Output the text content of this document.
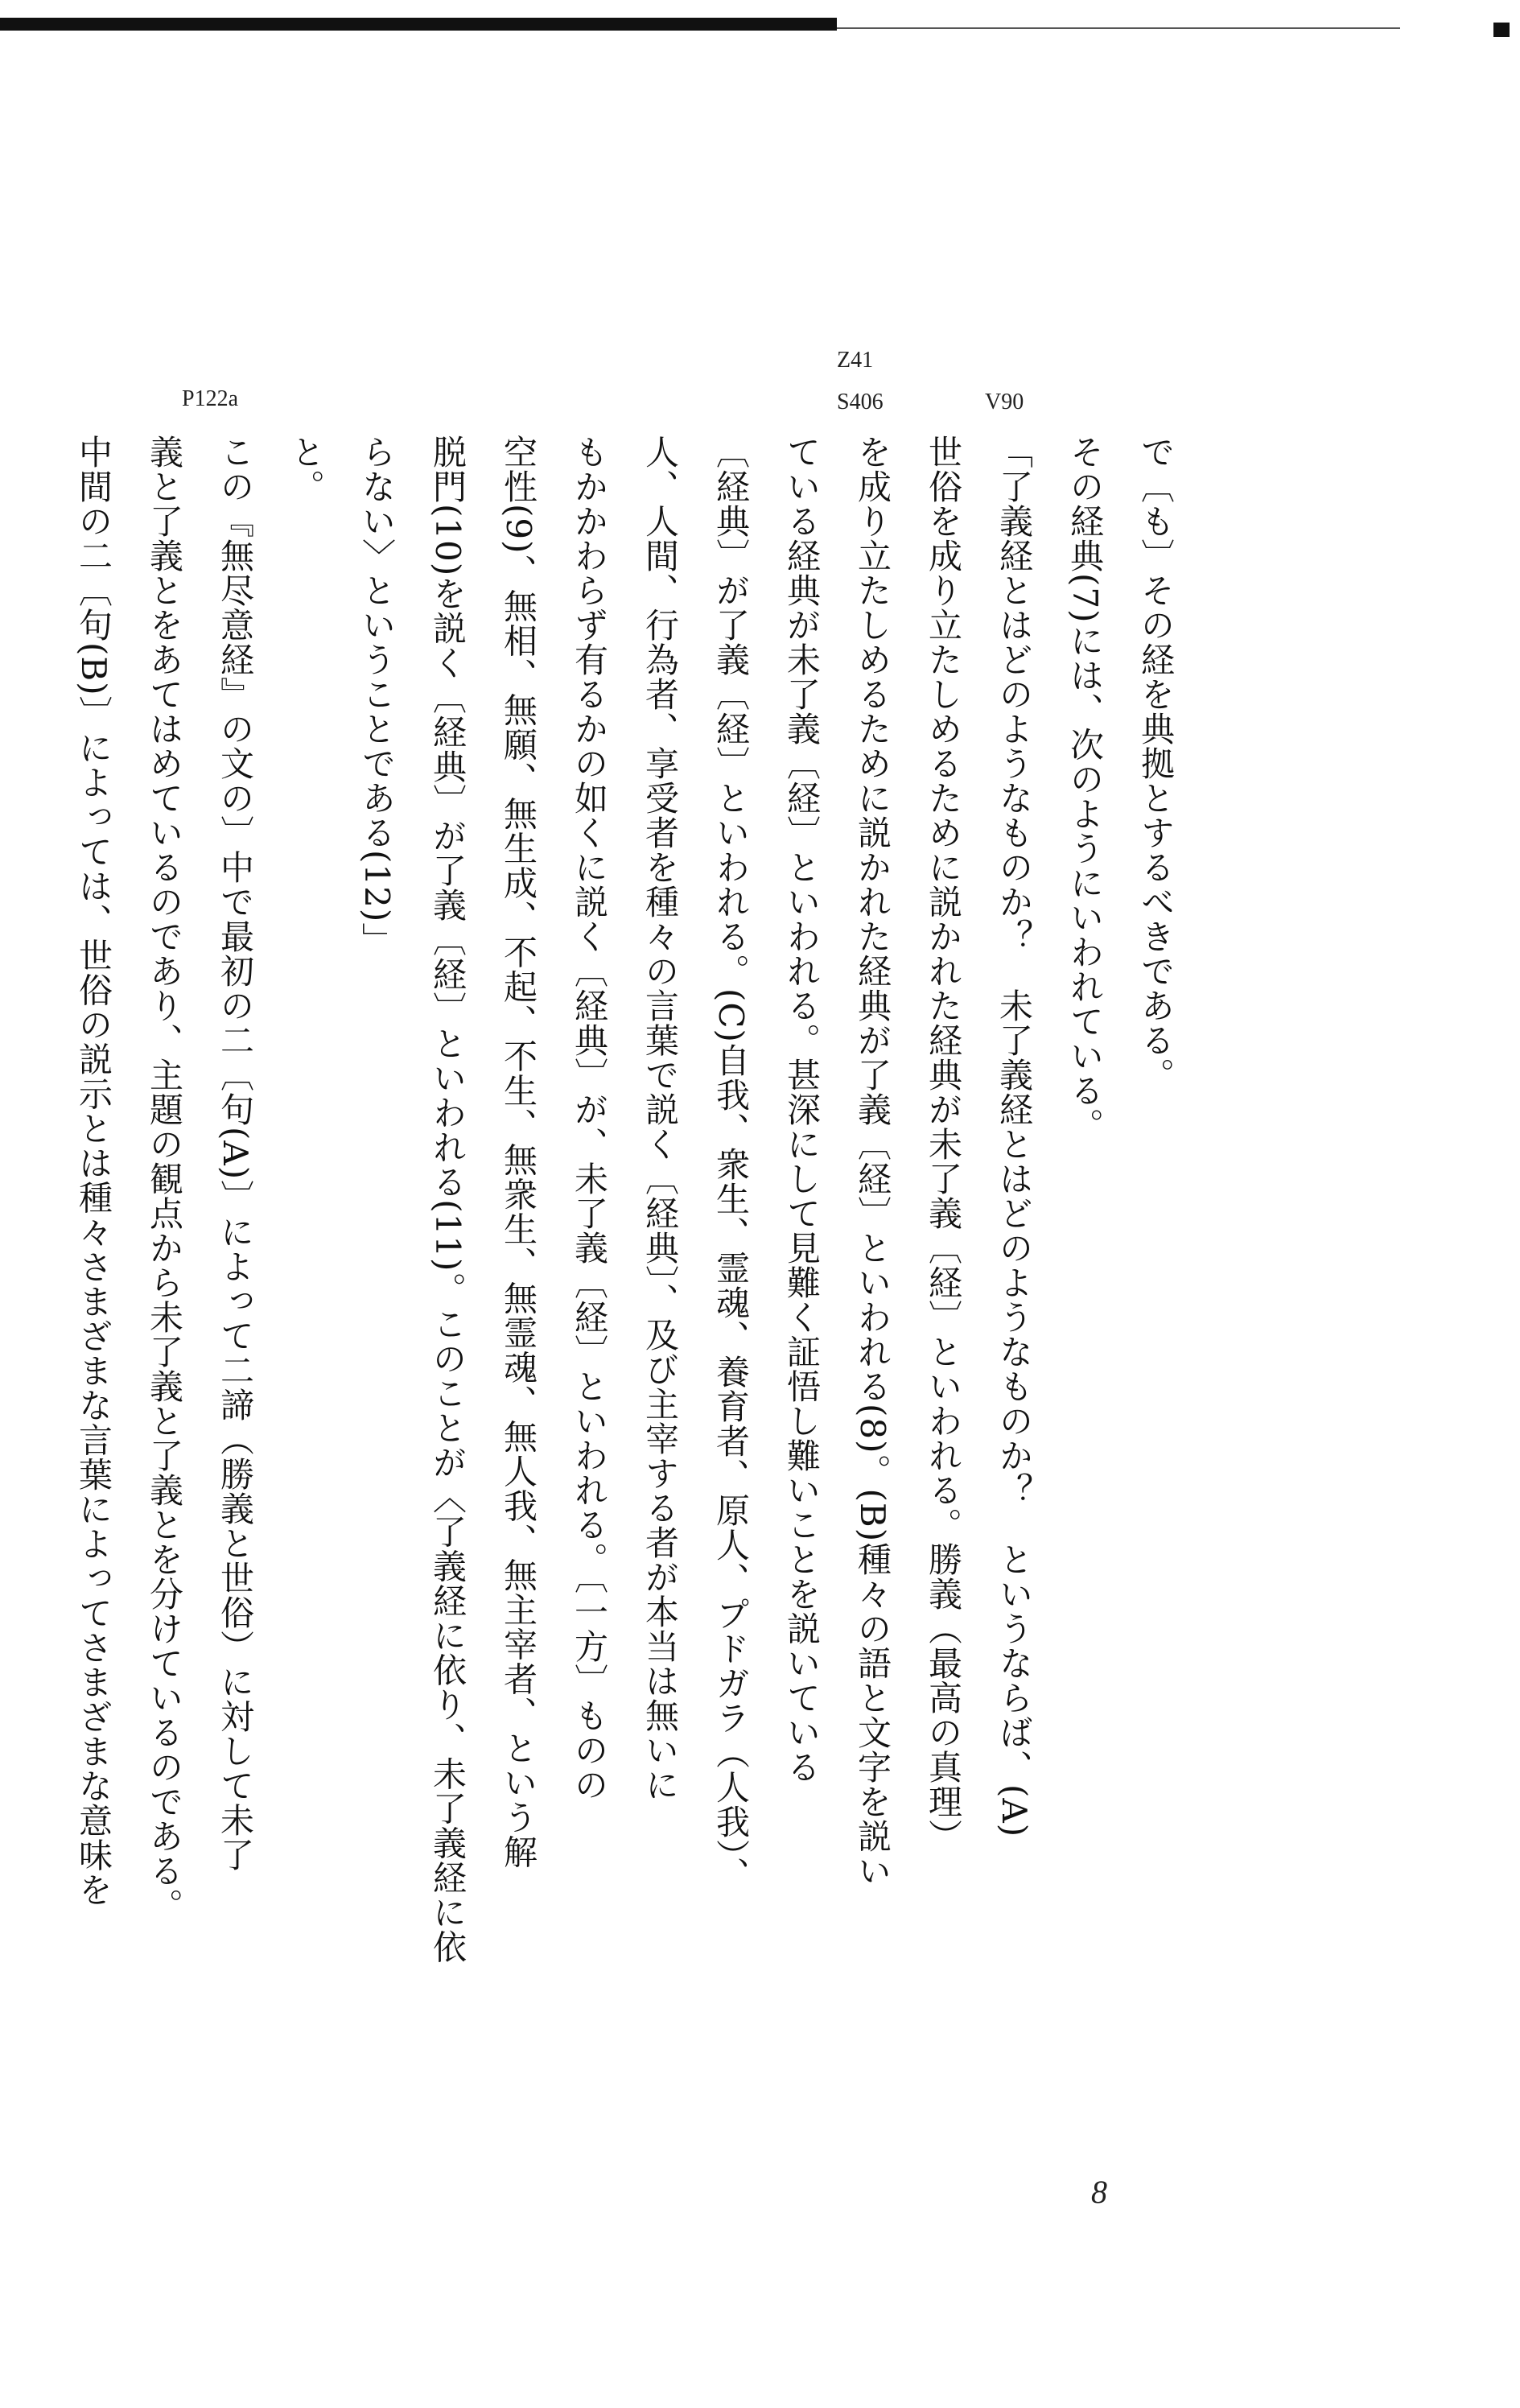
Z41
S406	V90
P122a
で〔も〕その経を典拠とするべきである。
その経典(7)には、次のようにいわれている。
「了義経とはどのようなものか？　未了義経とはどのようなものか？　というならば、(A)
世俗を成り立たしめるために説かれた経典が未了義〔経〕といわれる。勝義（最高の真理）
を成り立たしめるために説かれた経典が了義〔経〕といわれる(8)。(B)種々の語と文字を説い
ている経典が未了義〔経〕といわれる。甚深にして見難く証悟し難いことを説いている
〔経典〕が了義〔経〕といわれる。(C)自我、衆生、霊魂、養育者、原人、プドガラ（人我）、
人、人間、行為者、享受者を種々の言葉で説く〔経典〕、及び主宰する者が本当は無いに
もかかわらず有るかの如くに説く〔経典〕が、未了義〔経〕といわれる。〔一方〕ものの
空性(9)、無相、無願、無生成、不起、不生、無衆生、無霊魂、無人我、無主宰者、という解
脱門(10)を説く〔経典〕が了義〔経〕といわれる(11)。このことが〈了義経に依り、未了義経に依
らない〉ということである(12)」
と。
この『無尽意経』の文の〕中で最初の二〔句(A)〕によって二諦（勝義と世俗）に対して未了
義と了義とをあてはめているのであり、主題の観点から未了義と了義とを分けているのである。
中間の二〔句(B)〕によっては、世俗の説示とは種々さまざまな言葉によってさまざまな意味を
8
